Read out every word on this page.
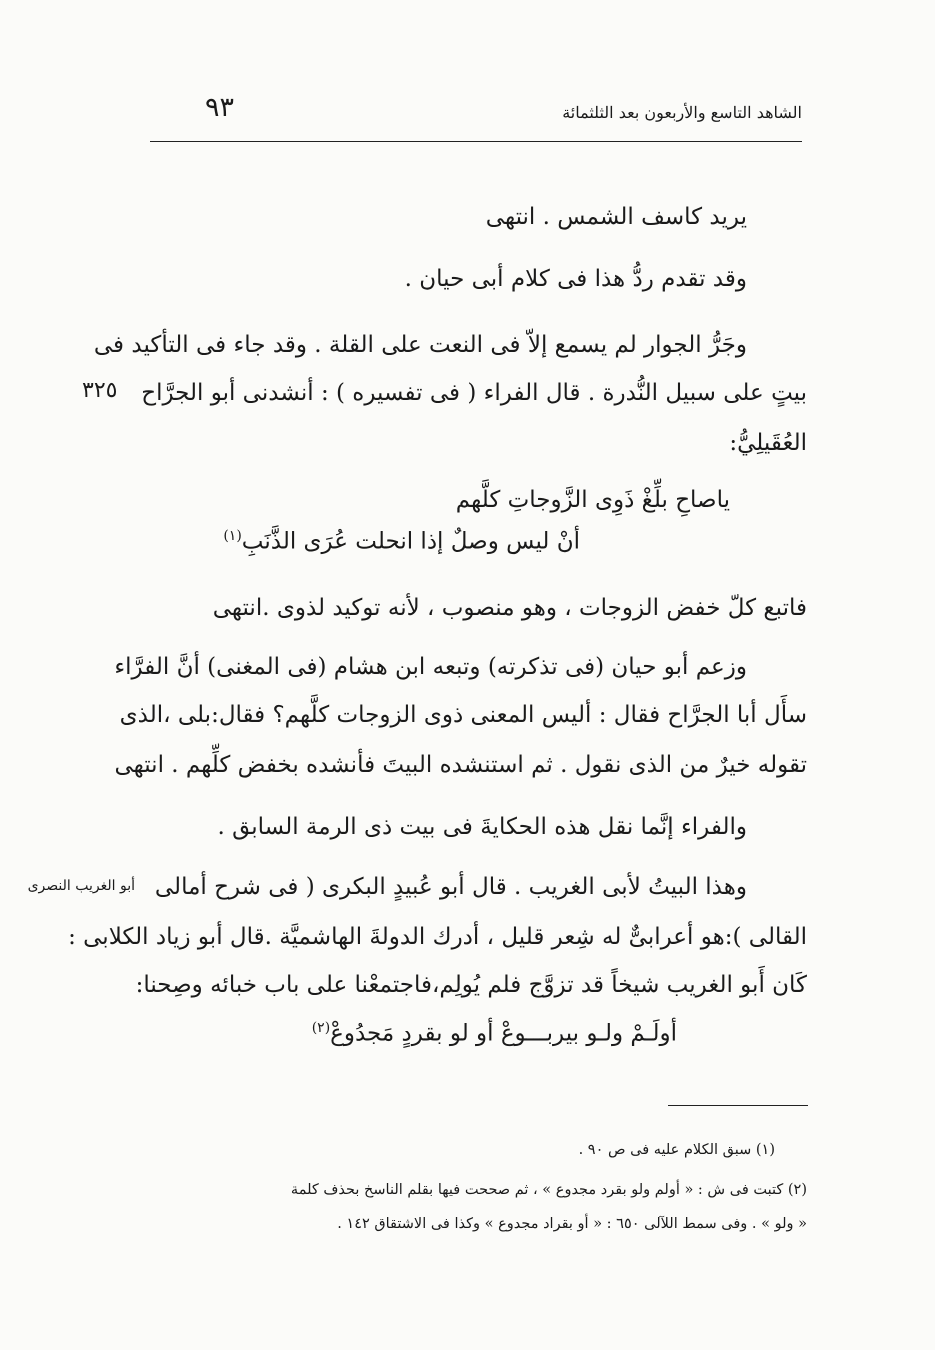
الشاهد التاسع والأربعون بعد الثلثمائة
٩٣
٣٢٥
أبو الغريب النصرى
يريد كاسف الشمس . انتهى
وقد تقدم ردُّ هذا فى كلام أبى حيان .
وجَرُّ الجوار لم يسمع إلاّ فى النعت على القلة . وقد جاء فى التأكيد فى
بيتٍ على سبيل النُّدرة . قال الفراء ( فى تفسيره ) : أنشدنى أبو الجرَّاح
العُقَيلِيُّ:
ياصاحِ بلِّغْ ذَوِى الزَّوجاتِ كلَّهم
أنْ ليس وصلٌ إذا انحلت عُرَى الذَّنَبِ$^{(١)}$
فاتبع كلّ خفض الزوجات ، وهو منصوب ، لأنه توكيد لذوى .انتهى
وزعم أبو حيان (فى تذكرته) وتبعه ابن هشام (فى المغنى) أنَّ الفرَّاء
سأَل أبا الجرَّاح فقال : أليس المعنى ذوى الزوجات كلَّهم؟ فقال:بلى ،الذى
تقوله خيرٌ من الذى نقول . ثم استنشده البيتَ فأنشده بخفض كلِّهم . انتهى
والفراء إنَّما نقل هذه الحكايةَ فى بيت ذى الرمة السابق .
وهذا البيتُ لأبى الغريب . قال أبو عُبيدٍ البكرى ( فى شرح أمالى
القالى ):هو أعرابىٌّ له شِعر قليل ، أدرك الدولةَ الهاشميَّة .قال أبو زياد الكلابى :
كَان أَبو الغريب شيخاً قد تزوَّج فلم يُولِم،فاجتمعْنا على باب خبائه وصِحنا:
أولَـمْ ولـو بيربـــوعْ أو لو بقردٍ مَجدُوعْ$^{(٢)}$
(١) سبق الكلام عليه فى ص ٩٠ .
(٢) كتبت فى ش : « أولم ولو بقرد مجدوع » ، ثم صححت فيها بقلم الناسخ بحذف كلمة
« ولو » . وفى سمط اللآلى ٦٥٠ : « أو بقراد مجدوع » وكذا فى الاشتقاق ١٤٢ .
